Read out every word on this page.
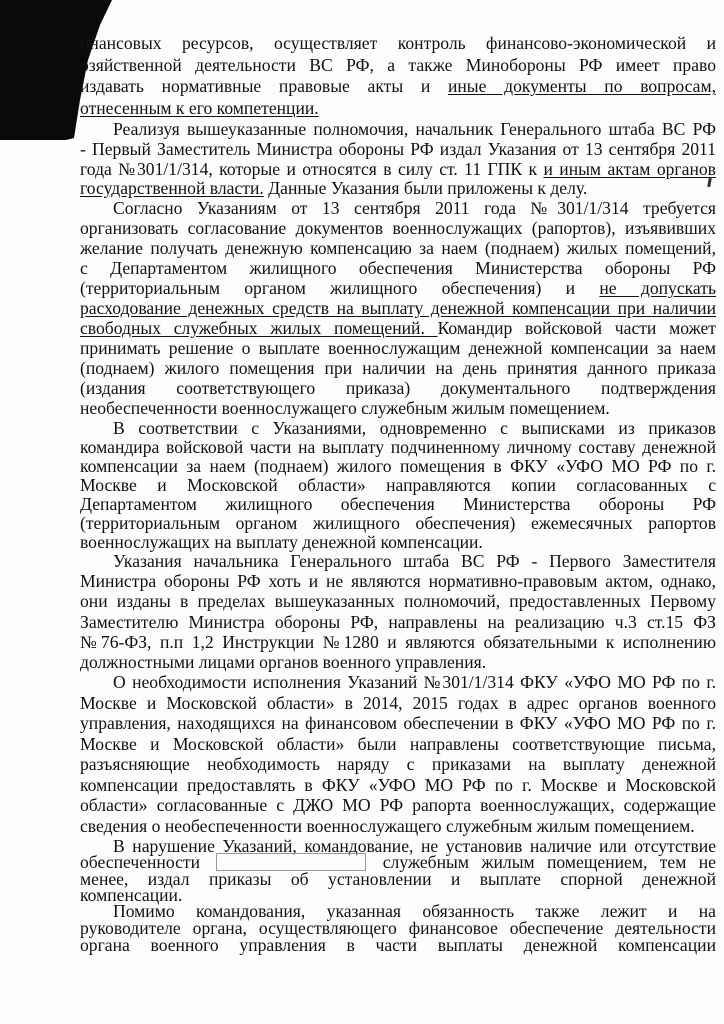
инансовых ресурсов, осуществляет контроль финансово-экономической и
озяйственной деятельности ВС РФ, а также Минобороны РФ имеет право
издавать нормативные правовые акты и иные документы по вопросам,
отнесенным к его компетенции.
Реализуя вышеуказанные полномочия, начальник Генерального штаба ВС РФ
- Первый Заместитель Министра обороны РФ издал Указания от 13 сентября 2011
года №301/1/314, которые и относятся в силу ст. 11 ГПК к и иным актам органов
государственной власти. Данные Указания были приложены к делу.
Согласно Указаниям от 13 сентября 2011 года №301/1/314 требуется
организовать согласование документов военнослужащих (рапортов), изъявивших
желание получать денежную компенсацию за наем (поднаем) жилых помещений,
с Департаментом жилищного обеспечения Министерства обороны РФ
(территориальным органом жилищного обеспечения) и не допускать
расходование денежных средств на выплату денежной компенсации при наличии
свободных служебных жилых помещений. Командир войсковой части может
принимать решение о выплате военнослужащим денежной компенсации за наем
(поднаем) жилого помещения при наличии на день принятия данного приказа
(издания соответствующего приказа) документального подтверждения
необеспеченности военнослужащего служебным жилым помещением.
В соответствии с Указаниями, одновременно с выписками из приказов
командира войсковой части на выплату подчиненному личному составу денежной
компенсации за наем (поднаем) жилого помещения в ФКУ «УФО МО РФ по г.
Москве и Московской области» направляются копии согласованных с
Департаментом жилищного обеспечения Министерства обороны РФ
(территориальным органом жилищного обеспечения) ежемесячных рапортов
военнослужащих на выплату денежной компенсации.
Указания начальника Генерального штаба ВС РФ - Первого Заместителя
Министра обороны РФ хоть и не являются нормативно-правовым актом, однако,
они изданы в пределах вышеуказанных полномочий, предоставленных Первому
Заместителю Министра обороны РФ, направлены на реализацию ч.3 ст.15 ФЗ
№76-ФЗ, п.п 1,2 Инструкции №1280 и являются обязательными к исполнению
должностными лицами органов военного управления.
О необходимости исполнения Указаний №301/1/314 ФКУ «УФО МО РФ по г.
Москве и Московской области» в 2014, 2015 годах в адрес органов военного
управления, находящихся на финансовом обеспечении в ФКУ «УФО МО РФ по г.
Москве и Московской области» были направлены соответствующие письма,
разъясняющие необходимость наряду с приказами на выплату денежной
компенсации предоставлять в ФКУ «УФО МО РФ по г. Москве и Московской
области» согласованные с ДЖО МО РФ рапорта военнослужащих, содержащие
сведения о необеспеченности военнослужащего служебным жилым помещением.
В нарушение Указаний, командование, не установив наличие или отсутствие
обеспеченности	служебным жилым помещением, тем не
менее, издал приказы об установлении и выплате спорной денежной
компенсации.
Помимо командования, указанная обязанность также лежит и на
руководителе органа, осуществляющего финансовое обеспечение деятельности
органа военного управления в части выплаты денежной компенсации
